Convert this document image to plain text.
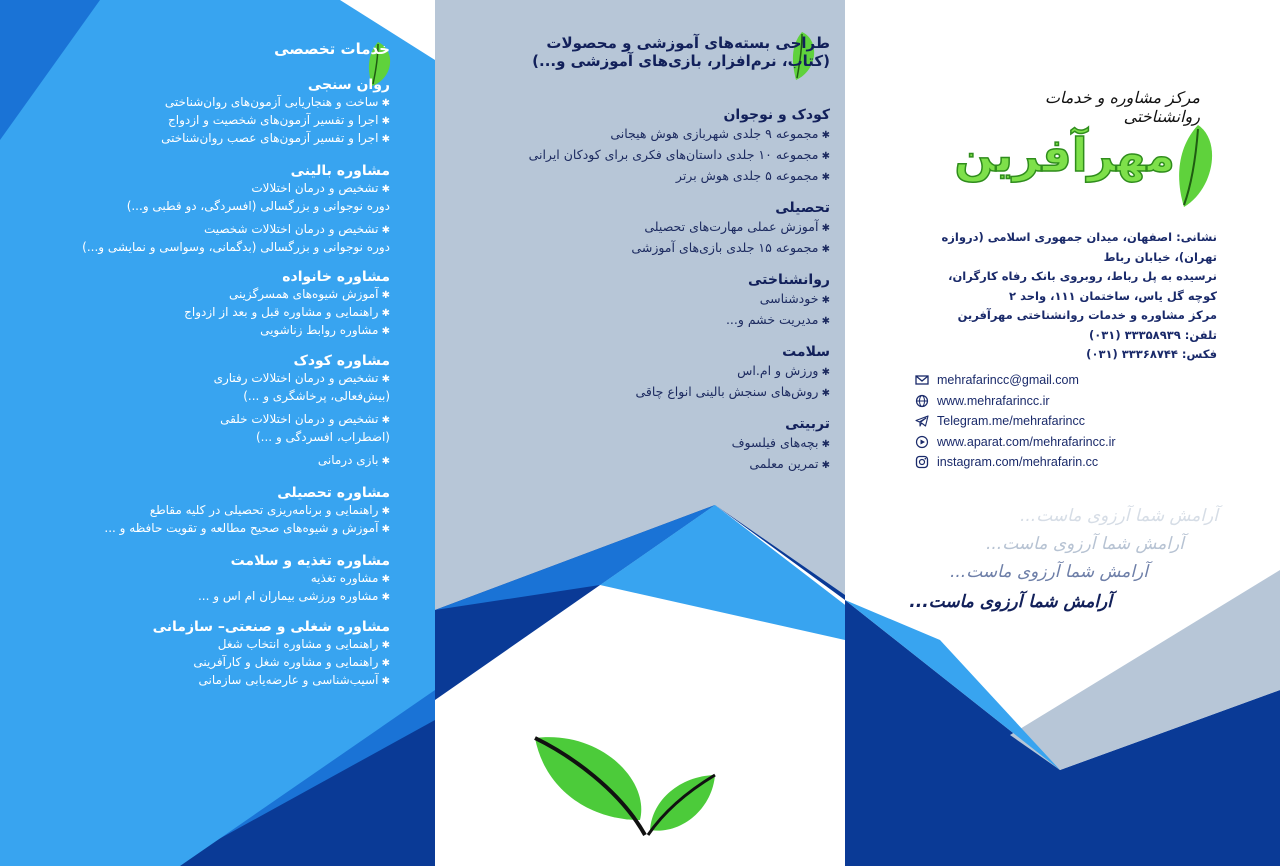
خدمات تخصصی
روان سنجی
✱ ساخت و هنجاریابی آزمون‌های روان‌شناختی
✱ اجرا و تفسیر آزمون‌های شخصیت و ازدواج
✱ اجرا و تفسیر آزمون‌های عصب روان‌شناختی
مشاوره بالینی
✱ تشخیص و درمان اختلالات
دوره نوجوانی و بزرگسالی (افسردگی، دو قطبی و...)
✱ تشخیص و درمان اختلالات شخصیت
دوره نوجوانی و بزرگسالی (بدگمانی، وسواسی و نمایشی و...)
مشاوره خانواده
✱ آموزش شیوه‌های همسرگزینی
✱ راهنمایی و مشاوره قبل و بعد از ازدواج
✱ مشاوره روابط زناشویی
مشاوره کودک
✱ تشخیص و درمان اختلالات رفتاری
(بیش‌فعالی، پرخاشگری و ...)
✱ تشخیص و درمان اختلالات خلقی
(اضطراب، افسردگی و ...)
✱ بازی درمانی
مشاوره تحصیلی
✱ راهنمایی و برنامه‌ریزی تحصیلی در کلیه مقاطع
✱ آموزش و شیوه‌های صحیح مطالعه و تقویت حافظه و ...
مشاوره تغذیه و سلامت
✱ مشاوره تغذیه
✱ مشاوره ورزشی بیماران ام اس و ...
مشاوره شغلی و صنعتی– سازمانی
✱ راهنمایی و مشاوره انتخاب شغل
✱ راهنمایی و مشاوره شغل و کارآفرینی
✱ آسیب‌شناسی و عارضه‌یابی سازمانی
طراحی بسته‌های آموزشی و محصولات
(کتاب، نرم‌افزار، بازی‌های آموزشی و...)
کودک و نوجوان
✱ مجموعه ۹ جلدی شهربازی هوش هیجانی
✱ مجموعه ۱۰ جلدی داستان‌های فکری برای کودکان ایرانی
✱ مجموعه ۵ جلدی هوش برتر
تحصیلی
✱ آموزش عملی مهارت‌های تحصیلی
✱ مجموعه ۱۵ جلدی بازی‌های آموزشی
روانشناختی
✱ خودشناسی
✱ مدیریت خشم و...
سلامت
✱ ورزش و ام.اس
✱ روش‌های سنجش بالینی انواع چاقی
تربیتی
✱ بچه‌های فیلسوف
✱ تمرین معلمی
مرکز مشاوره و خدمات روانشناختی
مهرآفرین
نشانی: اصفهان، میدان جمهوری اسلامی (دروازه تهران)، خیابان رباط
نرسیده به پل رباط، روبروی بانک رفاه کارگران،
کوچه گل یاس، ساختمان ۱۱۱، واحد ۲
مرکز مشاوره و خدمات روانشناختی مهرآفرین
تلفن: ۳۳۳۵۸۹۳۹ (۰۳۱)
فکس: ۳۳۳۶۸۷۴۴ (۰۳۱)
mehrafarincc@gmail.com
www.mehrafarincc.ir
Telegram.me/mehrafarincc
www.aparat.com/mehrafarincc.ir
instagram.com/mehrafarin.cc
آرامش شما آرزوی ماست...
آرامش شما آرزوی ماست...
آرامش شما آرزوی ماست...
آرامش شما آرزوی ماست...
